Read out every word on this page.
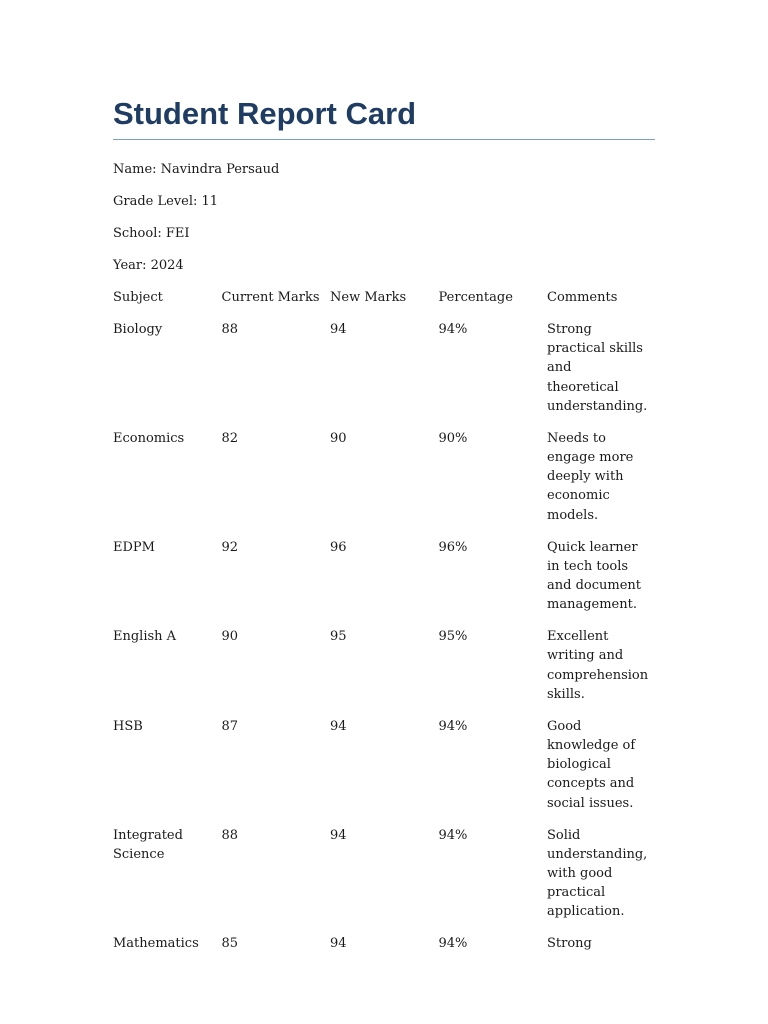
Student Report Card

Name: Navindra Persaud

Grade Level: 11

School: FEI

Year: 2024

Subject	Current Marks	New Marks	Percentage	Comments
Biology	88	94	94%	Strong practical skills and theoretical understanding.
Economics	82	90	90%	Needs to engage more deeply with economic models.
EDPM	92	96	96%	Quick learner in tech tools and document management.
English A	90	95	95%	Excellent writing and comprehension skills.
HSB	87	94	94%	Good knowledge of biological concepts and social issues.
Integrated Science	88	94	94%	Solid understanding, with good practical application.
Mathematics	85	94	94%	Strong
